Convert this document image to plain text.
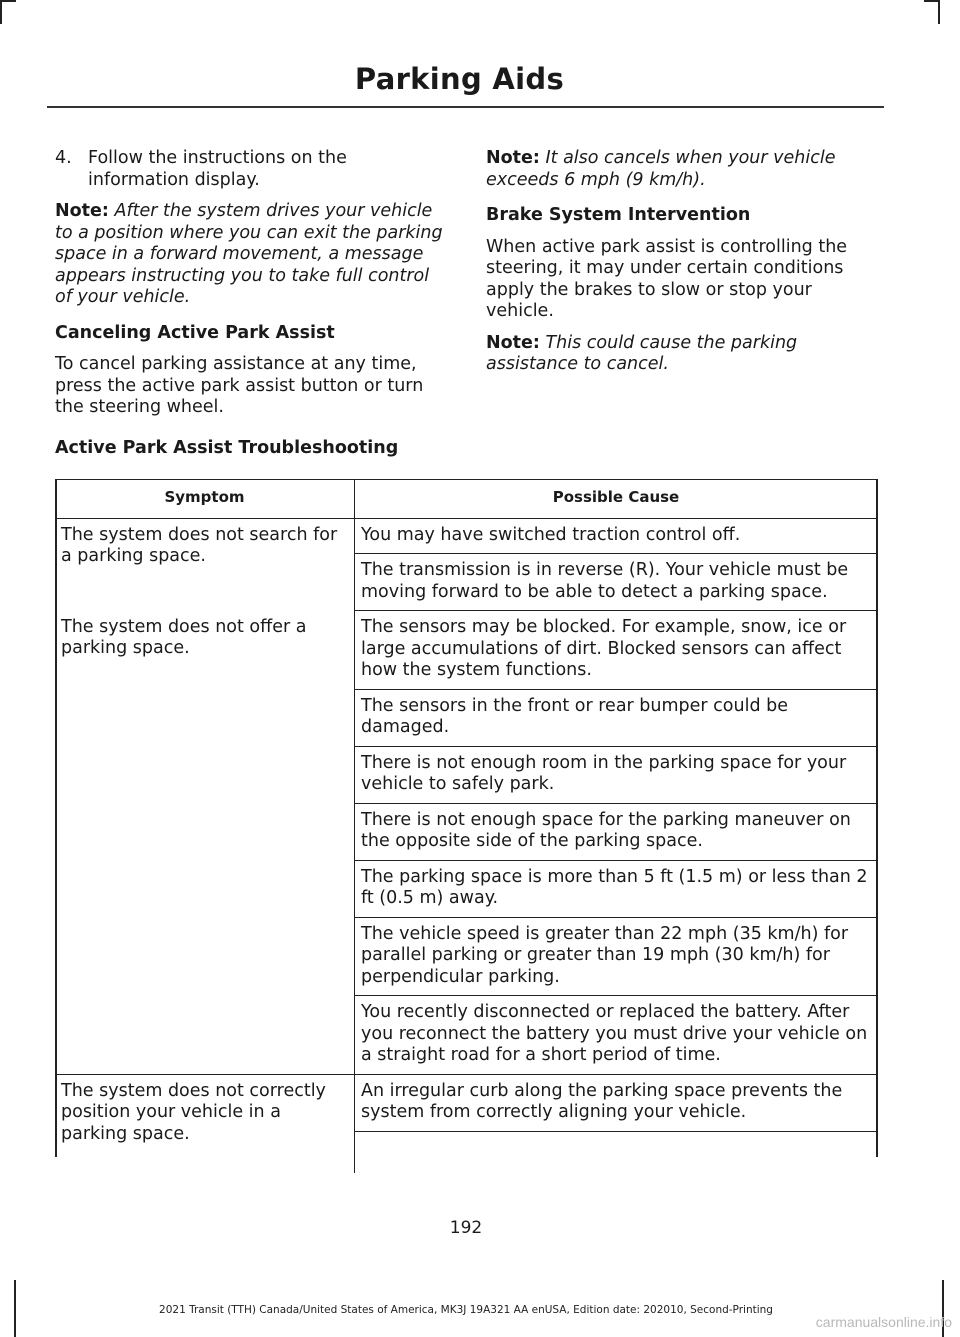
Parking Aids
4. Follow the instructions on the information display.

Note: After the system drives your vehicle to a position where you can exit the parking space in a forward movement, a message appears instructing you to take full control of your vehicle.

Canceling Active Park Assist

To cancel parking assistance at any time, press the active park assist button or turn the steering wheel.

Note: It also cancels when your vehicle exceeds 6 mph (9 km/h).

Brake System Intervention

When active park assist is controlling the steering, it may under certain conditions apply the brakes to slow or stop your vehicle.

Note: This could cause the parking assistance to cancel.

Active Park Assist Troubleshooting
Symptom	Possible Cause
The system does not search for a parking space.	You may have switched traction control off.
	The transmission is in reverse (R). Your vehicle must be moving forward to be able to detect a parking space.
The system does not offer a parking space.	The sensors may be blocked. For example, snow, ice or large accumulations of dirt. Blocked sensors can affect how the system functions.
	The sensors in the front or rear bumper could be damaged.
	There is not enough room in the parking space for your vehicle to safely park.
	There is not enough space for the parking maneuver on the opposite side of the parking space.
	The parking space is more than 5 ft (1.5 m) or less than 2 ft (0.5 m) away.
	The vehicle speed is greater than 22 mph (35 km/h) for parallel parking or greater than 19 mph (30 km/h) for perpendicular parking.
	You recently disconnected or replaced the battery. After you reconnect the battery you must drive your vehicle on a straight road for a short period of time.
The system does not correctly position your vehicle in a parking space.	An irregular curb along the parking space prevents the system from correctly aligning your vehicle.

192
2021 Transit (TTH) Canada/United States of America, MK3J 19A321 AA enUSA, Edition date: 202010, Second-Printing
carmanualsonline.info
